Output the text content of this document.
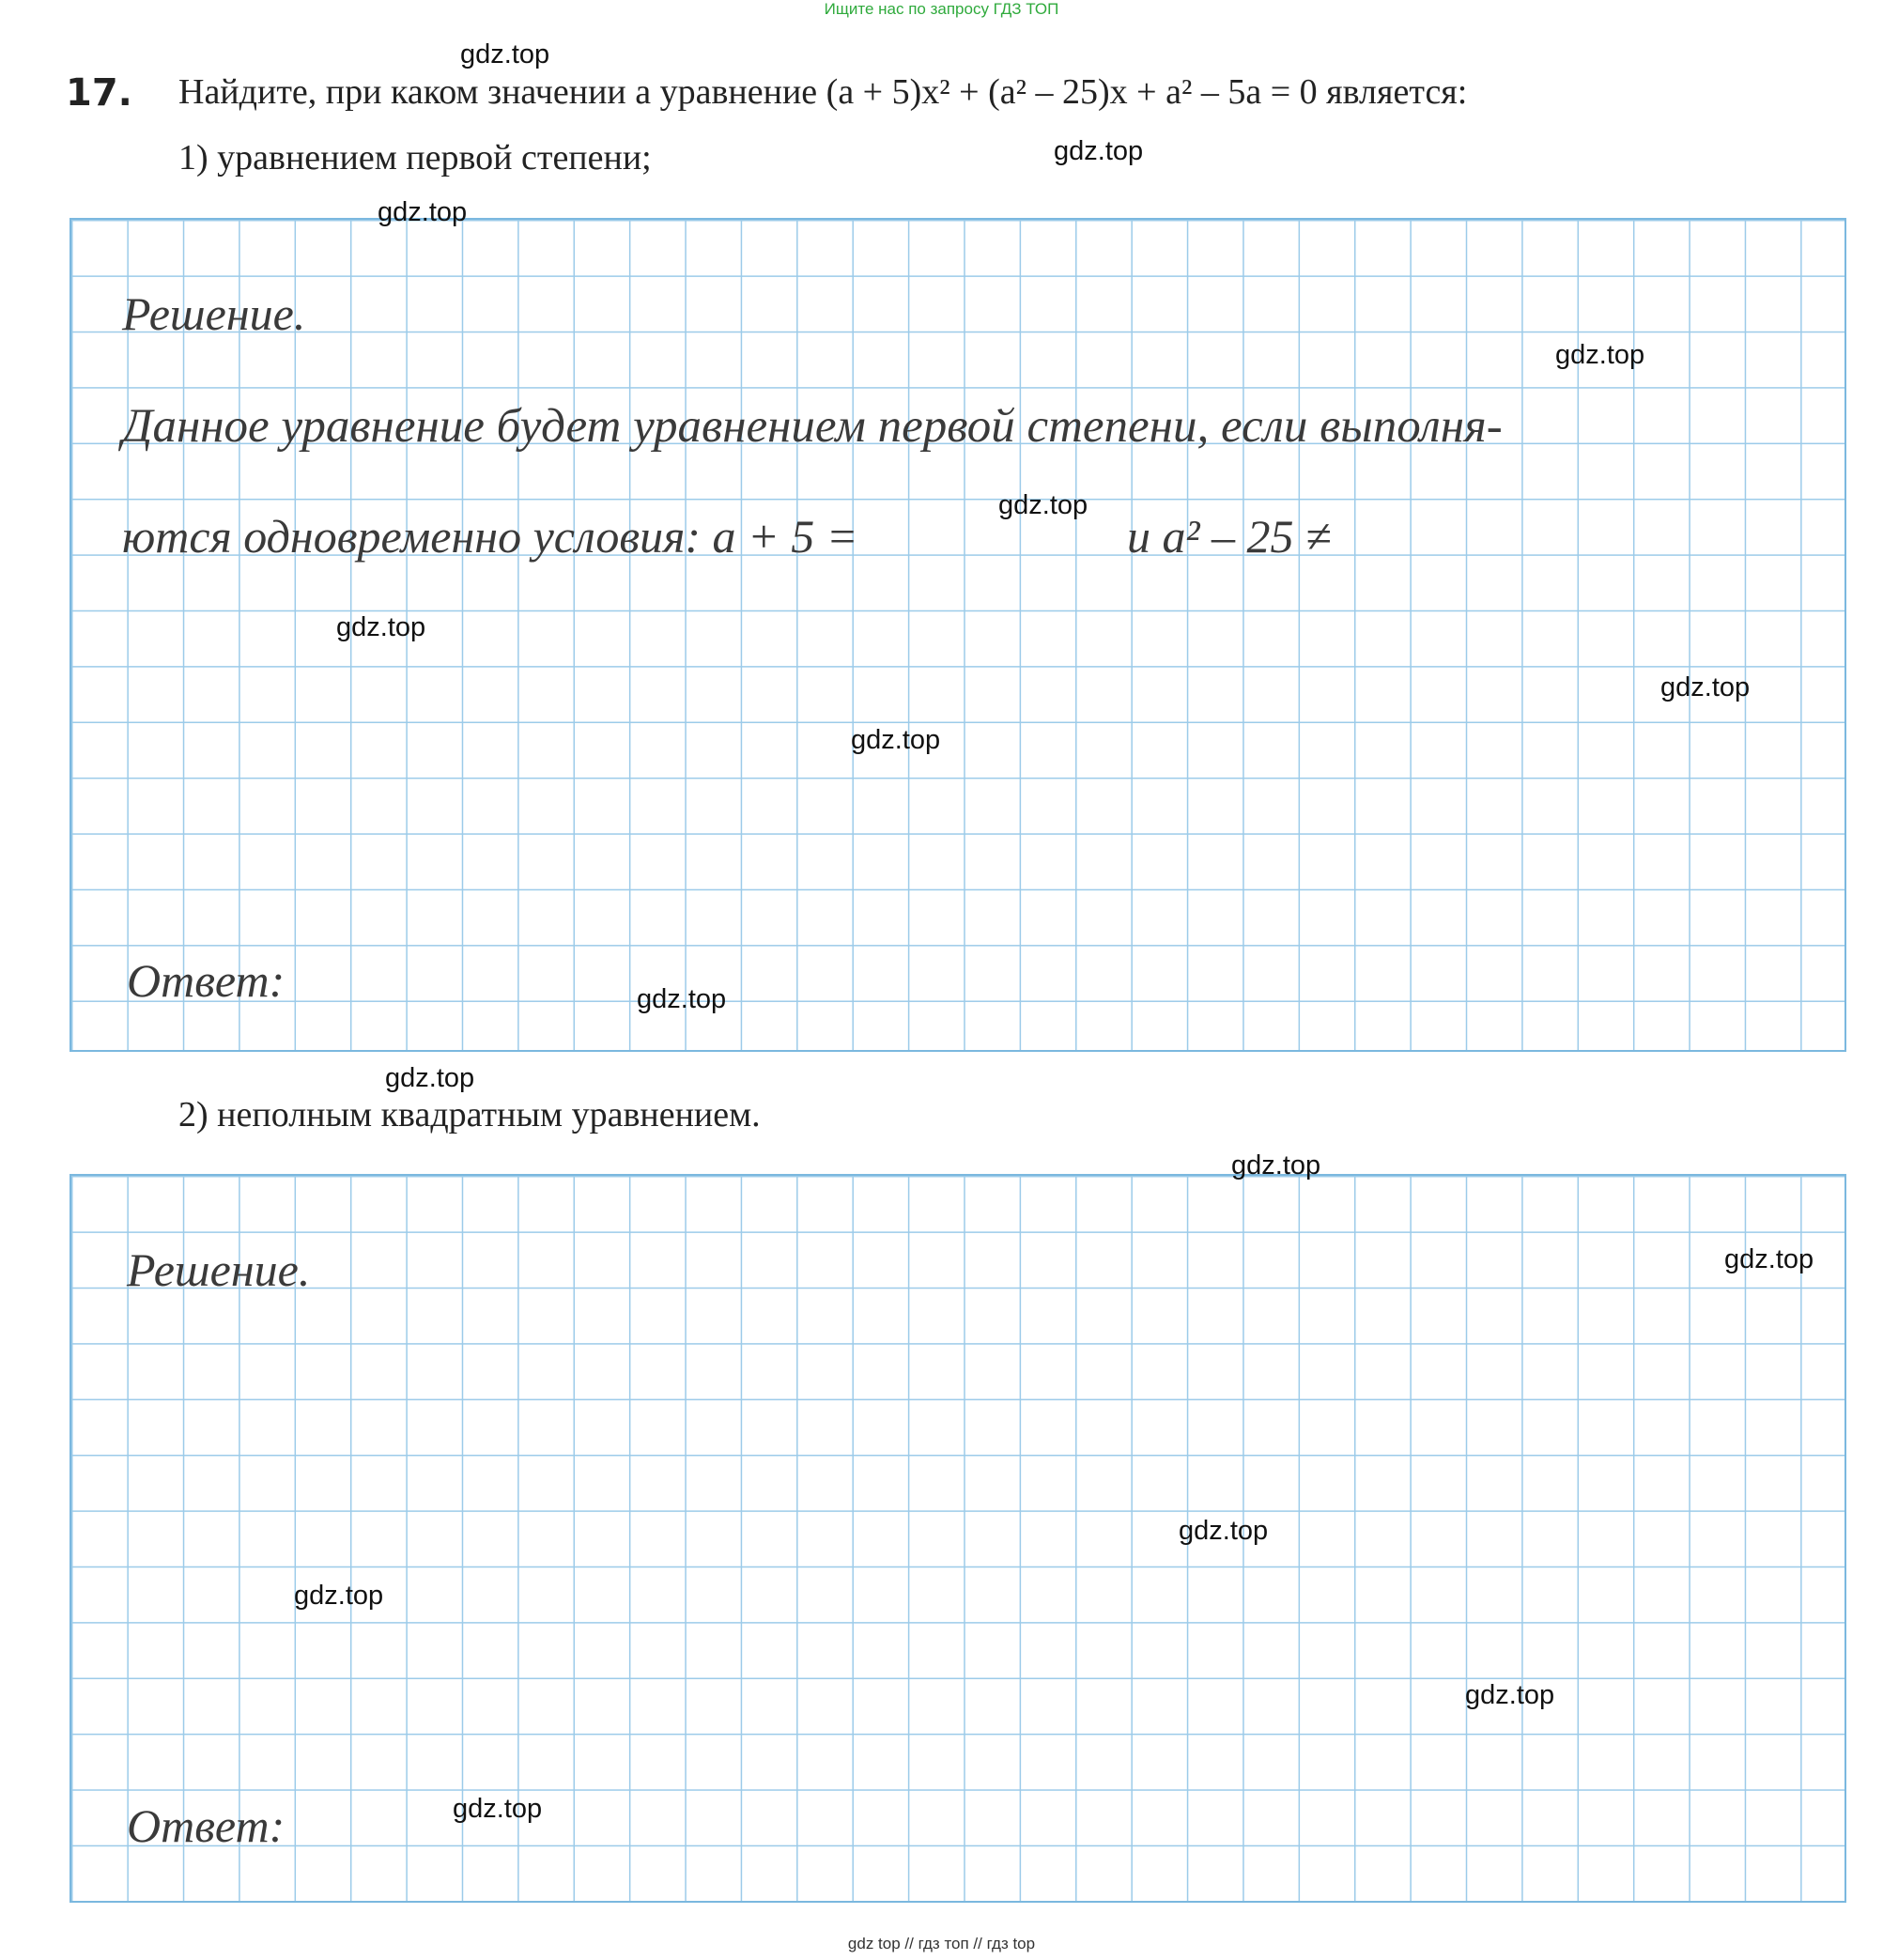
Ищите нас по запросу ГДЗ ТОП
17. Найдите, при каком значении a уравнение (a + 5)x² + (a² – 25)x + a² – 5a = 0 является:
1) уравнением первой степени;
Решение.
Данное уравнение будет уравнением первой степени, если выполня-
ются одновременно условия: a + 5 =	и a² – 25 ≠
Ответ:
2) неполным квадратным уравнением.
Решение.
Ответ:
gdz.top
gdz.top
gdz.top
gdz.top
gdz.top
gdz.top
gdz.top
gdz.top
gdz.top
gdz.top
gdz.top
gdz.top
gdz.top
gdz.top
gdz.top
gdz.top
gdz top // гдз топ // гдз top
